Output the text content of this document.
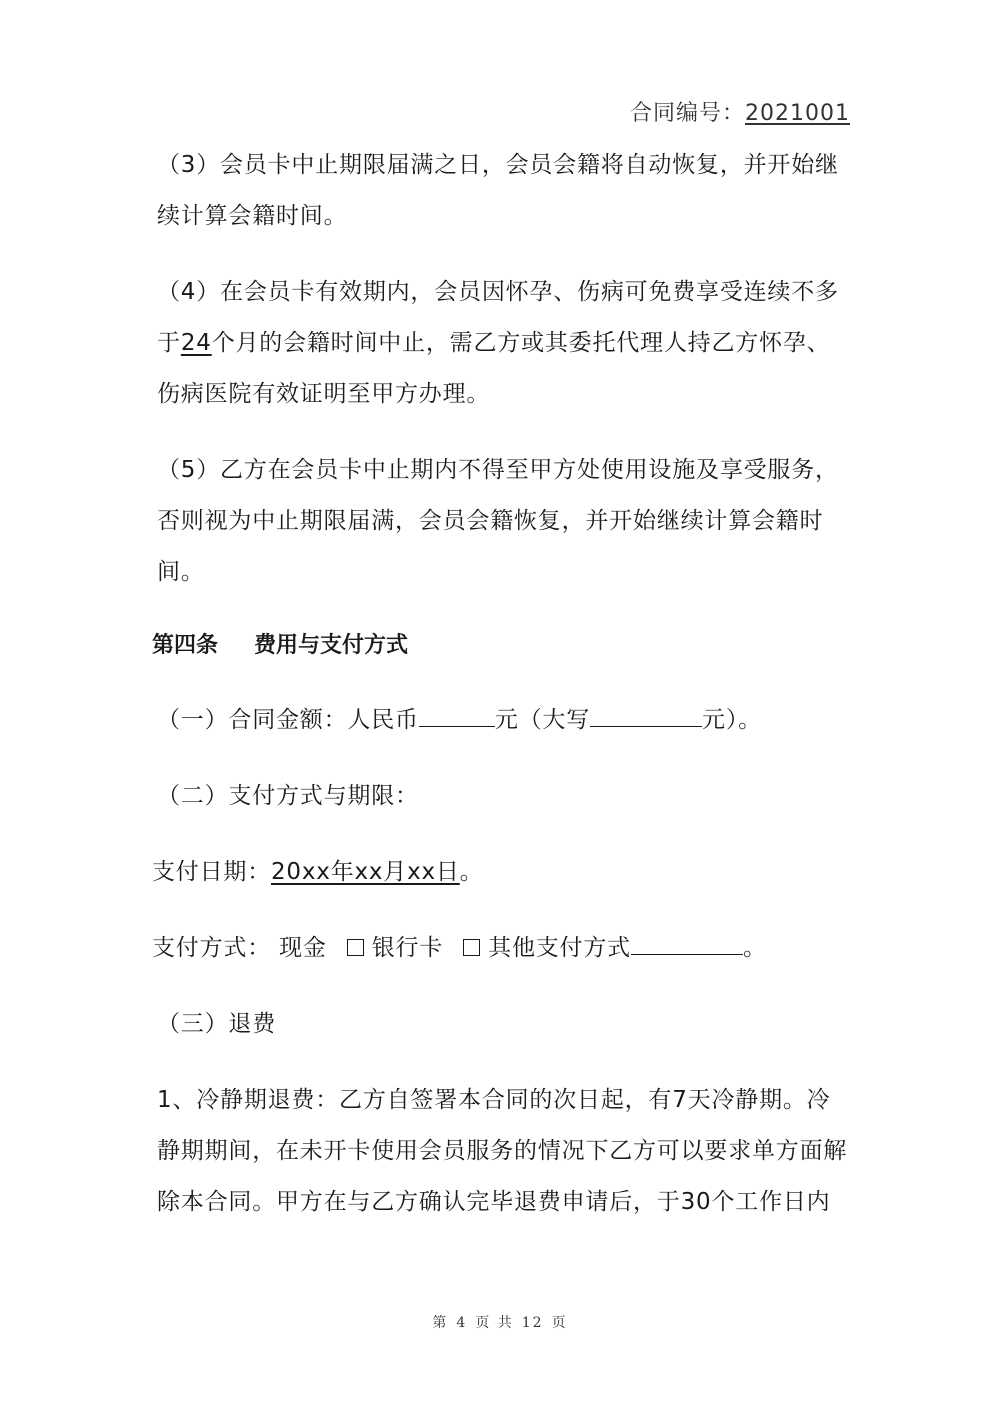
合同编号：2021001

（3）会员卡中止期限届满之日，会员会籍将自动恢复，并开始继续计算会籍时间。

（4）在会员卡有效期内，会员因怀孕、伤病可免费享受连续不多于24个月的会籍时间中止，需乙方或其委托代理人持乙方怀孕、伤病医院有效证明至甲方办理。

（5）乙方在会员卡中止期内不得至甲方处使用设施及享受服务，否则视为中止期限届满，会员会籍恢复，并开始继续计算会籍时间。

第四条 费用与支付方式

（一）合同金额：人民币	元（大写	元）。

（二）支付方式与期限：

支付日期：20xx年xx月xx日。

支付方式： 现金 银行卡 其他支付方式	。

（三）退费

1、冷静期退费：乙方自签署本合同的次日起，有7天冷静期。冷静期期间，在未开卡使用会员服务的情况下乙方可以要求单方面解除本合同。甲方在与乙方确认完毕退费申请后，于30个工作日内

第 4 页 共 12 页
